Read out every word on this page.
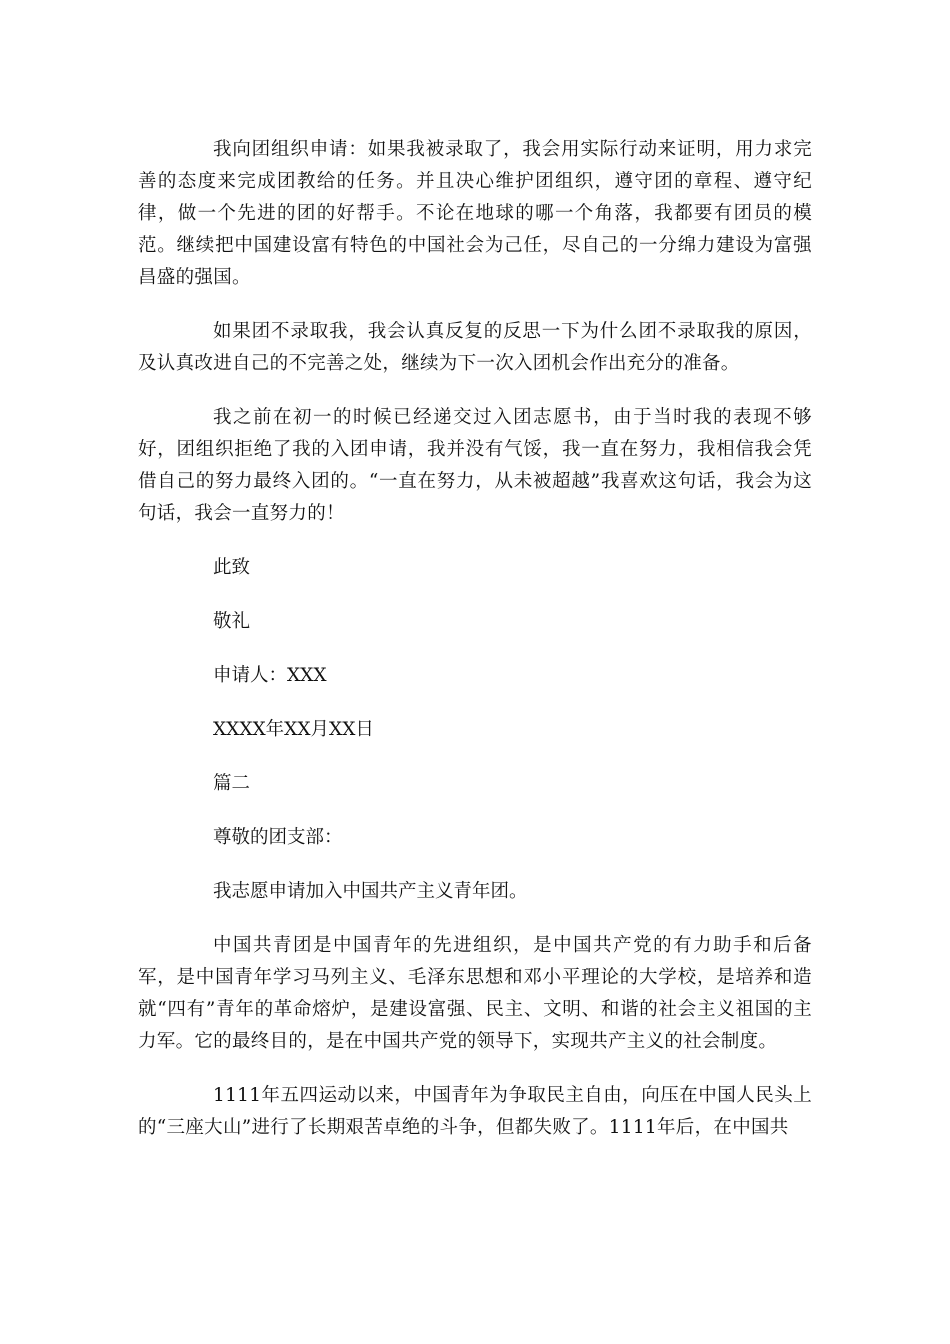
我向团组织申请：如果我被录取了，我会用实际行动来证明，用力求完善的态度来完成团教给的任务。并且决心维护团组织，遵守团的章程、遵守纪律，做一个先进的团的好帮手。不论在地球的哪一个角落，我都要有团员的模范。继续把中国建设富有特色的中国社会为己任，尽自己的一分绵力建设为富强昌盛的强国。

如果团不录取我，我会认真反复的反思一下为什么团不录取我的原因，及认真改进自己的不完善之处，继续为下一次入团机会作出充分的准备。

我之前在初一的时候已经递交过入团志愿书，由于当时我的表现不够好，团组织拒绝了我的入团申请，我并没有气馁，我一直在努力，我相信我会凭借自己的努力最终入团的。“一直在努力，从未被超越”我喜欢这句话，我会为这句话，我会一直努力的！

此致

敬礼

申请人：XXX

XXXX年XX月XX日

篇二

尊敬的团支部：

我志愿申请加入中国共产主义青年团。

中国共青团是中国青年的先进组织，是中国共产党的有力助手和后备军，是中国青年学习马列主义、毛泽东思想和邓小平理论的大学校，是培养和造就“四有”青年的革命熔炉，是建设富强、民主、文明、和谐的社会主义祖国的主力军。它的最终目的，是在中国共产党的领导下，实现共产主义的社会制度。

1111年五四运动以来，中国青年为争取民主自由，向压在中国人民头上的“三座大山”进行了长期艰苦卓绝的斗争，但都失败了。1111年后，在中国共
